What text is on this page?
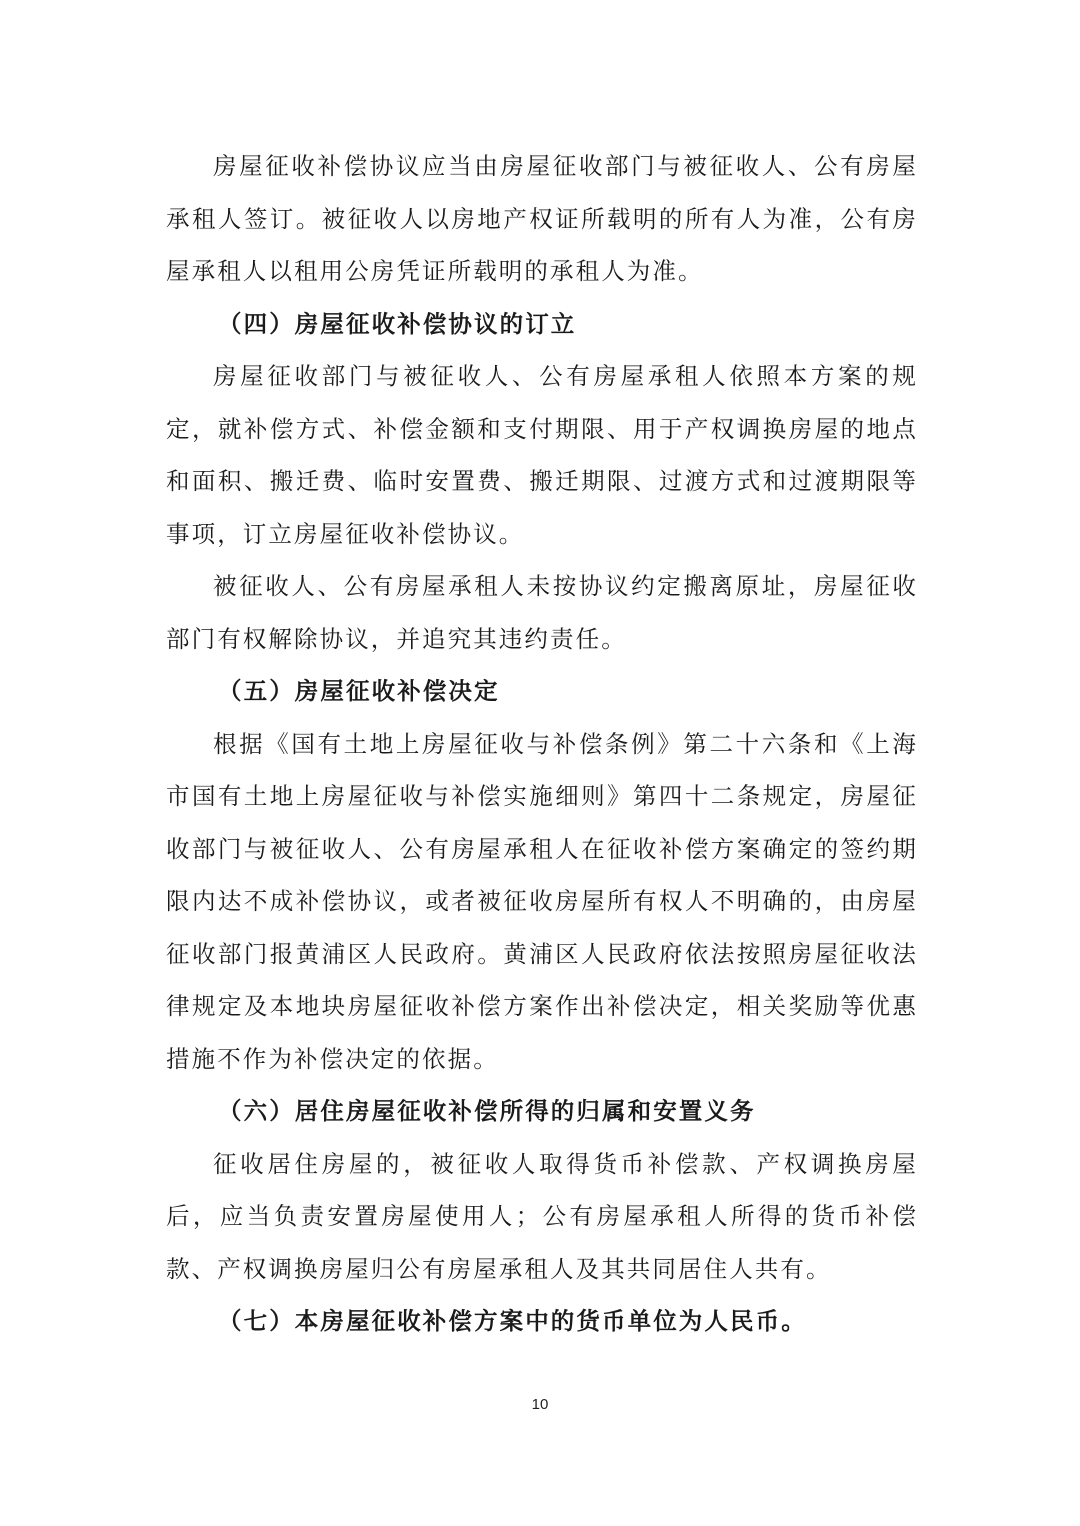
房屋征收补偿协议应当由房屋征收部门与被征收人、公有房屋承租人签订。被征收人以房地产权证所载明的所有人为准，公有房屋承租人以租用公房凭证所载明的承租人为准。

（四）房屋征收补偿协议的订立

房屋征收部门与被征收人、公有房屋承租人依照本方案的规定，就补偿方式、补偿金额和支付期限、用于产权调换房屋的地点和面积、搬迁费、临时安置费、搬迁期限、过渡方式和过渡期限等事项，订立房屋征收补偿协议。

被征收人、公有房屋承租人未按协议约定搬离原址，房屋征收部门有权解除协议，并追究其违约责任。

（五）房屋征收补偿决定

根据《国有土地上房屋征收与补偿条例》第二十六条和《上海市国有土地上房屋征收与补偿实施细则》第四十二条规定，房屋征收部门与被征收人、公有房屋承租人在征收补偿方案确定的签约期限内达不成补偿协议，或者被征收房屋所有权人不明确的，由房屋征收部门报黄浦区人民政府。黄浦区人民政府依法按照房屋征收法律规定及本地块房屋征收补偿方案作出补偿决定，相关奖励等优惠措施不作为补偿决定的依据。

（六）居住房屋征收补偿所得的归属和安置义务

征收居住房屋的，被征收人取得货币补偿款、产权调换房屋后，应当负责安置房屋使用人；公有房屋承租人所得的货币补偿款、产权调换房屋归公有房屋承租人及其共同居住人共有。

（七）本房屋征收补偿方案中的货币单位为人民币。

10
